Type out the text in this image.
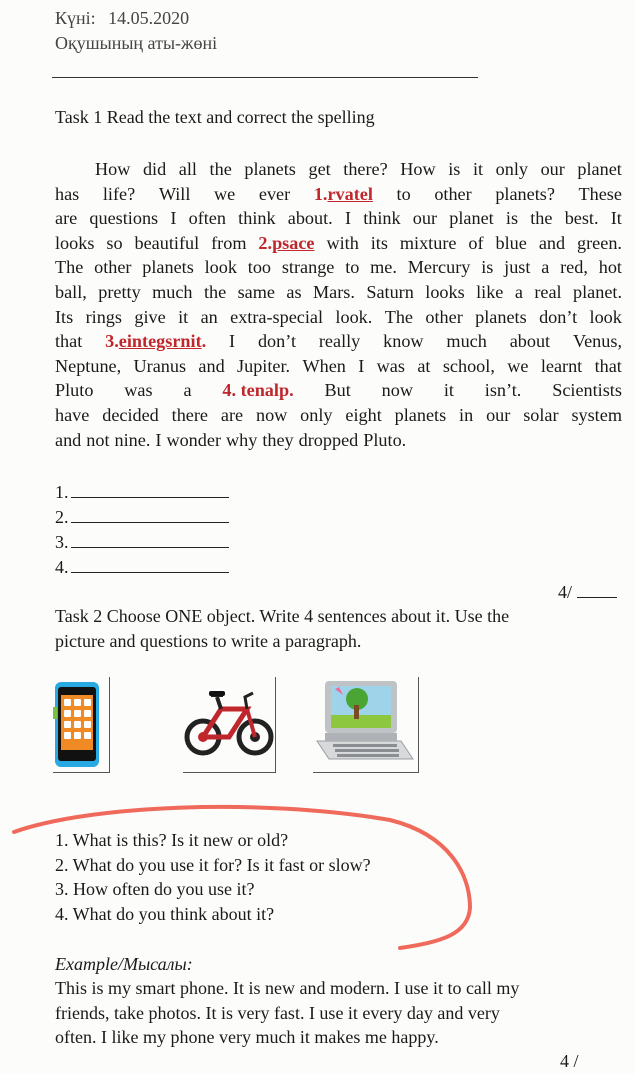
Күні: 14.05.2020
Оқушының аты-жөні
Task 1 Read the text and correct the spelling
How did all the planets get there? How is it only our planet
has life? Will we ever 1.rvatel to other planets? These
are questions I often think about. I think our planet is the best. It
looks so beautiful from 2.psace with its mixture of blue and green.
The other planets look too strange to me. Mercury is just a red, hot
ball, pretty much the same as Mars. Saturn looks like a real planet.
Its rings give it an extra-special look. The other planets don’t look
that 3.eintegsrnit. I don’t really know much about Venus,
Neptune, Uranus and Jupiter. When I was at school, we learnt that
Pluto was a 4. tenalp. But now it isn’t. Scientists
have decided there are now only eight planets in our solar system
and not nine. I wonder why they dropped Pluto.
1.
2.
3.
4.
4/
Task 2 Choose ONE object. Write 4 sentences about it. Use the
picture and questions to write a paragraph.
1. What is this? Is it new or old?
2. What do you use it for? Is it fast or slow?
3. How often do you use it?
4. What do you think about it?
Example/Мысалы:
This is my smart phone. It is new and modern. I use it to call my
friends, take photos. It is very fast. I use it every day and very
often. I like my phone very much it makes me happy.
4 /
